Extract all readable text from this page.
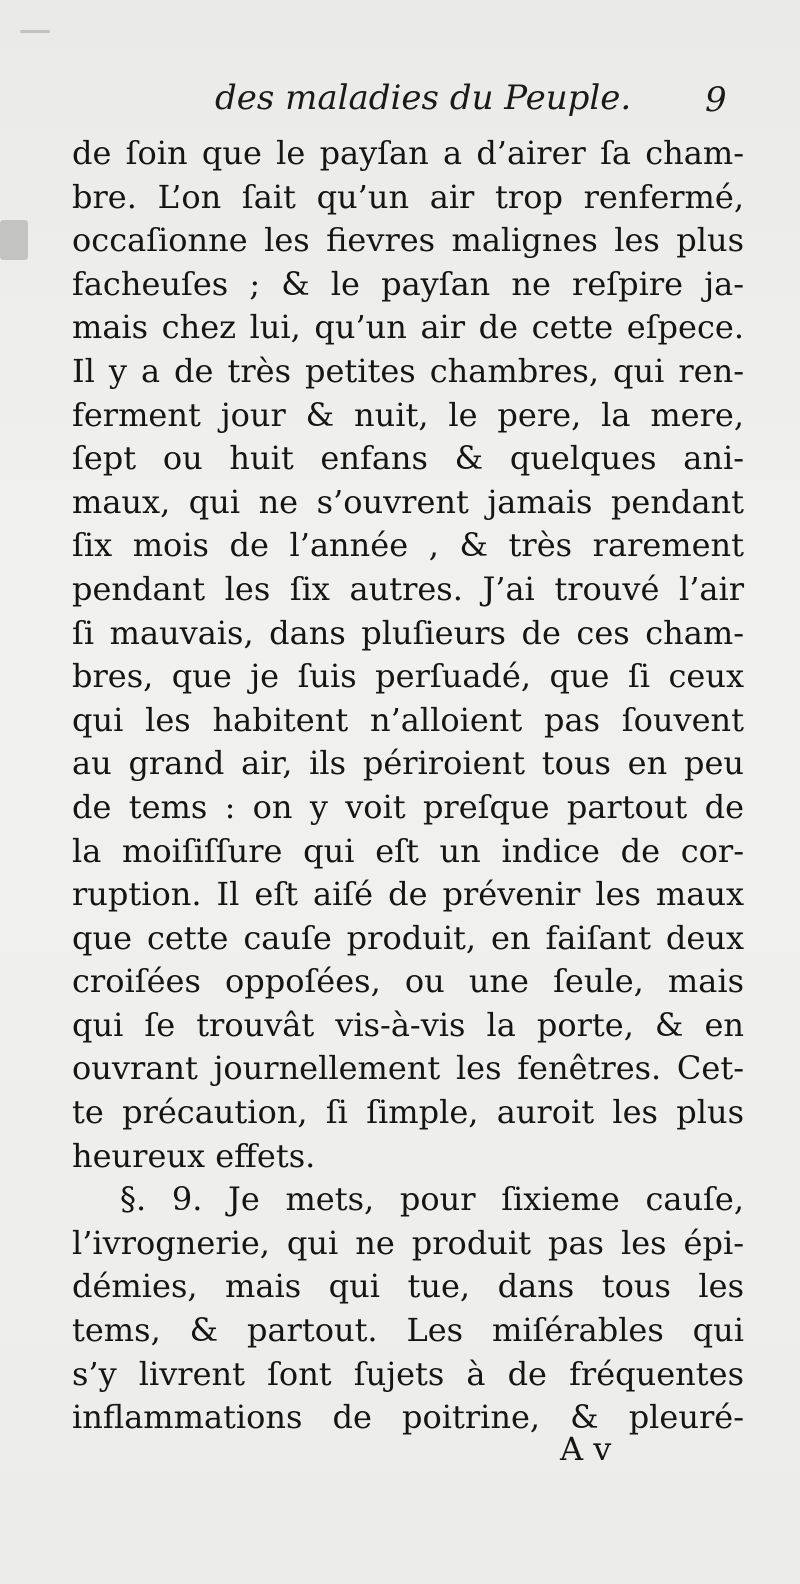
des maladies du Peuple. 9
de ſoin que le payſan a d’airer ſa cham-
bre. L’on ſait qu’un air trop renfermé,
occaſionne les fievres malignes les plus
facheuſes ; & le payſan ne reſpire ja-
mais chez lui, qu’un air de cette eſpece.
Il y a de très petites chambres, qui ren-
ferment jour & nuit, le pere, la mere,
ſept ou huit enfans & quelques ani-
maux, qui ne s’ouvrent jamais pendant
ſix mois de l’année , & très rarement
pendant les ſix autres. J’ai trouvé l’air
ſi mauvais, dans pluſieurs de ces cham-
bres, que je ſuis perſuadé, que ſi ceux
qui les habitent n’alloient pas ſouvent
au grand air, ils périroient tous en peu
de tems : on y voit preſque partout de
la moiſiſſure qui eſt un indice de cor-
ruption. Il eſt aiſé de prévenir les maux
que cette cauſe produit, en faiſant deux
croiſées oppoſées, ou une ſeule, mais
qui ſe trouvât vis-à-vis la porte, & en
ouvrant journellement les fenêtres. Cet-
te précaution, ſi ſimple, auroit les plus
heureux effets.
§. 9. Je mets, pour ſixieme cauſe,
l’ivrognerie, qui ne produit pas les épi-
démies, mais qui tue, dans tous les
tems, & partout. Les miſérables qui
s’y livrent ſont ſujets à de fréquentes
inflammations de poitrine, & pleuré-
A v
